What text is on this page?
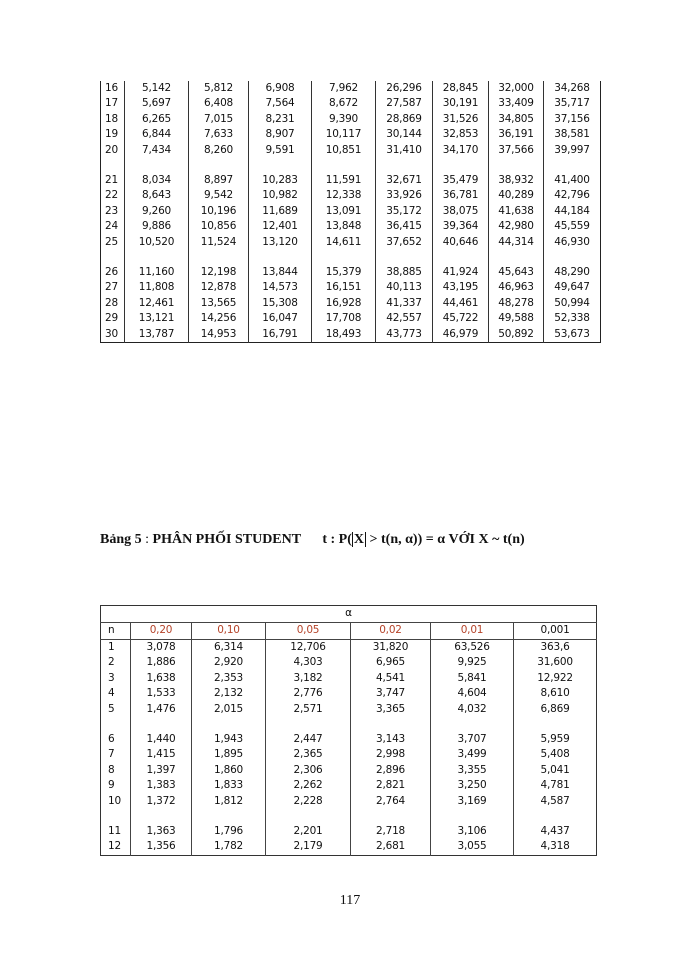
16	5,142	5,812	6,908	7,962	26,296	28,845	32,000	34,268
17	5,697	6,408	7,564	8,672	27,587	30,191	33,409	35,717
18	6,265	7,015	8,231	9,390	28,869	31,526	34,805	37,156
19	6,844	7,633	8,907	10,117	30,144	32,853	36,191	38,581
20	7,434	8,260	9,591	10,851	31,410	34,170	37,566	39,997

21	8,034	8,897	10,283	11,591	32,671	35,479	38,932	41,400
22	8,643	9,542	10,982	12,338	33,926	36,781	40,289	42,796
23	9,260	10,196	11,689	13,091	35,172	38,075	41,638	44,184
24	9,886	10,856	12,401	13,848	36,415	39,364	42,980	45,559
25	10,520	11,524	13,120	14,611	37,652	40,646	44,314	46,930

26	11,160	12,198	13,844	15,379	38,885	41,924	45,643	48,290
27	11,808	12,878	14,573	16,151	40,113	43,195	46,963	49,647
28	12,461	13,565	15,308	16,928	41,337	44,461	48,278	50,994
29	13,121	14,256	16,047	17,708	42,557	45,722	49,588	52,338
30	13,787	14,953	16,791	18,493	43,773	46,979	50,892	53,673
Bảng 5 : PHÂN PHỐI STUDENT t : P( X > t(n, α)) = α VỚI X ~ t(n)
α						
n	0,20	0,10	0,05	0,02	0,01	0,001
1	3,078	6,314	12,706	31,820	63,526	363,6
2	1,886	2,920	4,303	6,965	9,925	31,600
3	1,638	2,353	3,182	4,541	5,841	12,922
4	1,533	2,132	2,776	3,747	4,604	8,610
5	1,476	2,015	2,571	3,365	4,032	6,869

6	1,440	1,943	2,447	3,143	3,707	5,959
7	1,415	1,895	2,365	2,998	3,499	5,408
8	1,397	1,860	2,306	2,896	3,355	5,041
9	1,383	1,833	2,262	2,821	3,250	4,781
10	1,372	1,812	2,228	2,764	3,169	4,587

11	1,363	1,796	2,201	2,718	3,106	4,437
12	1,356	1,782	2,179	2,681	3,055	4,318
117
